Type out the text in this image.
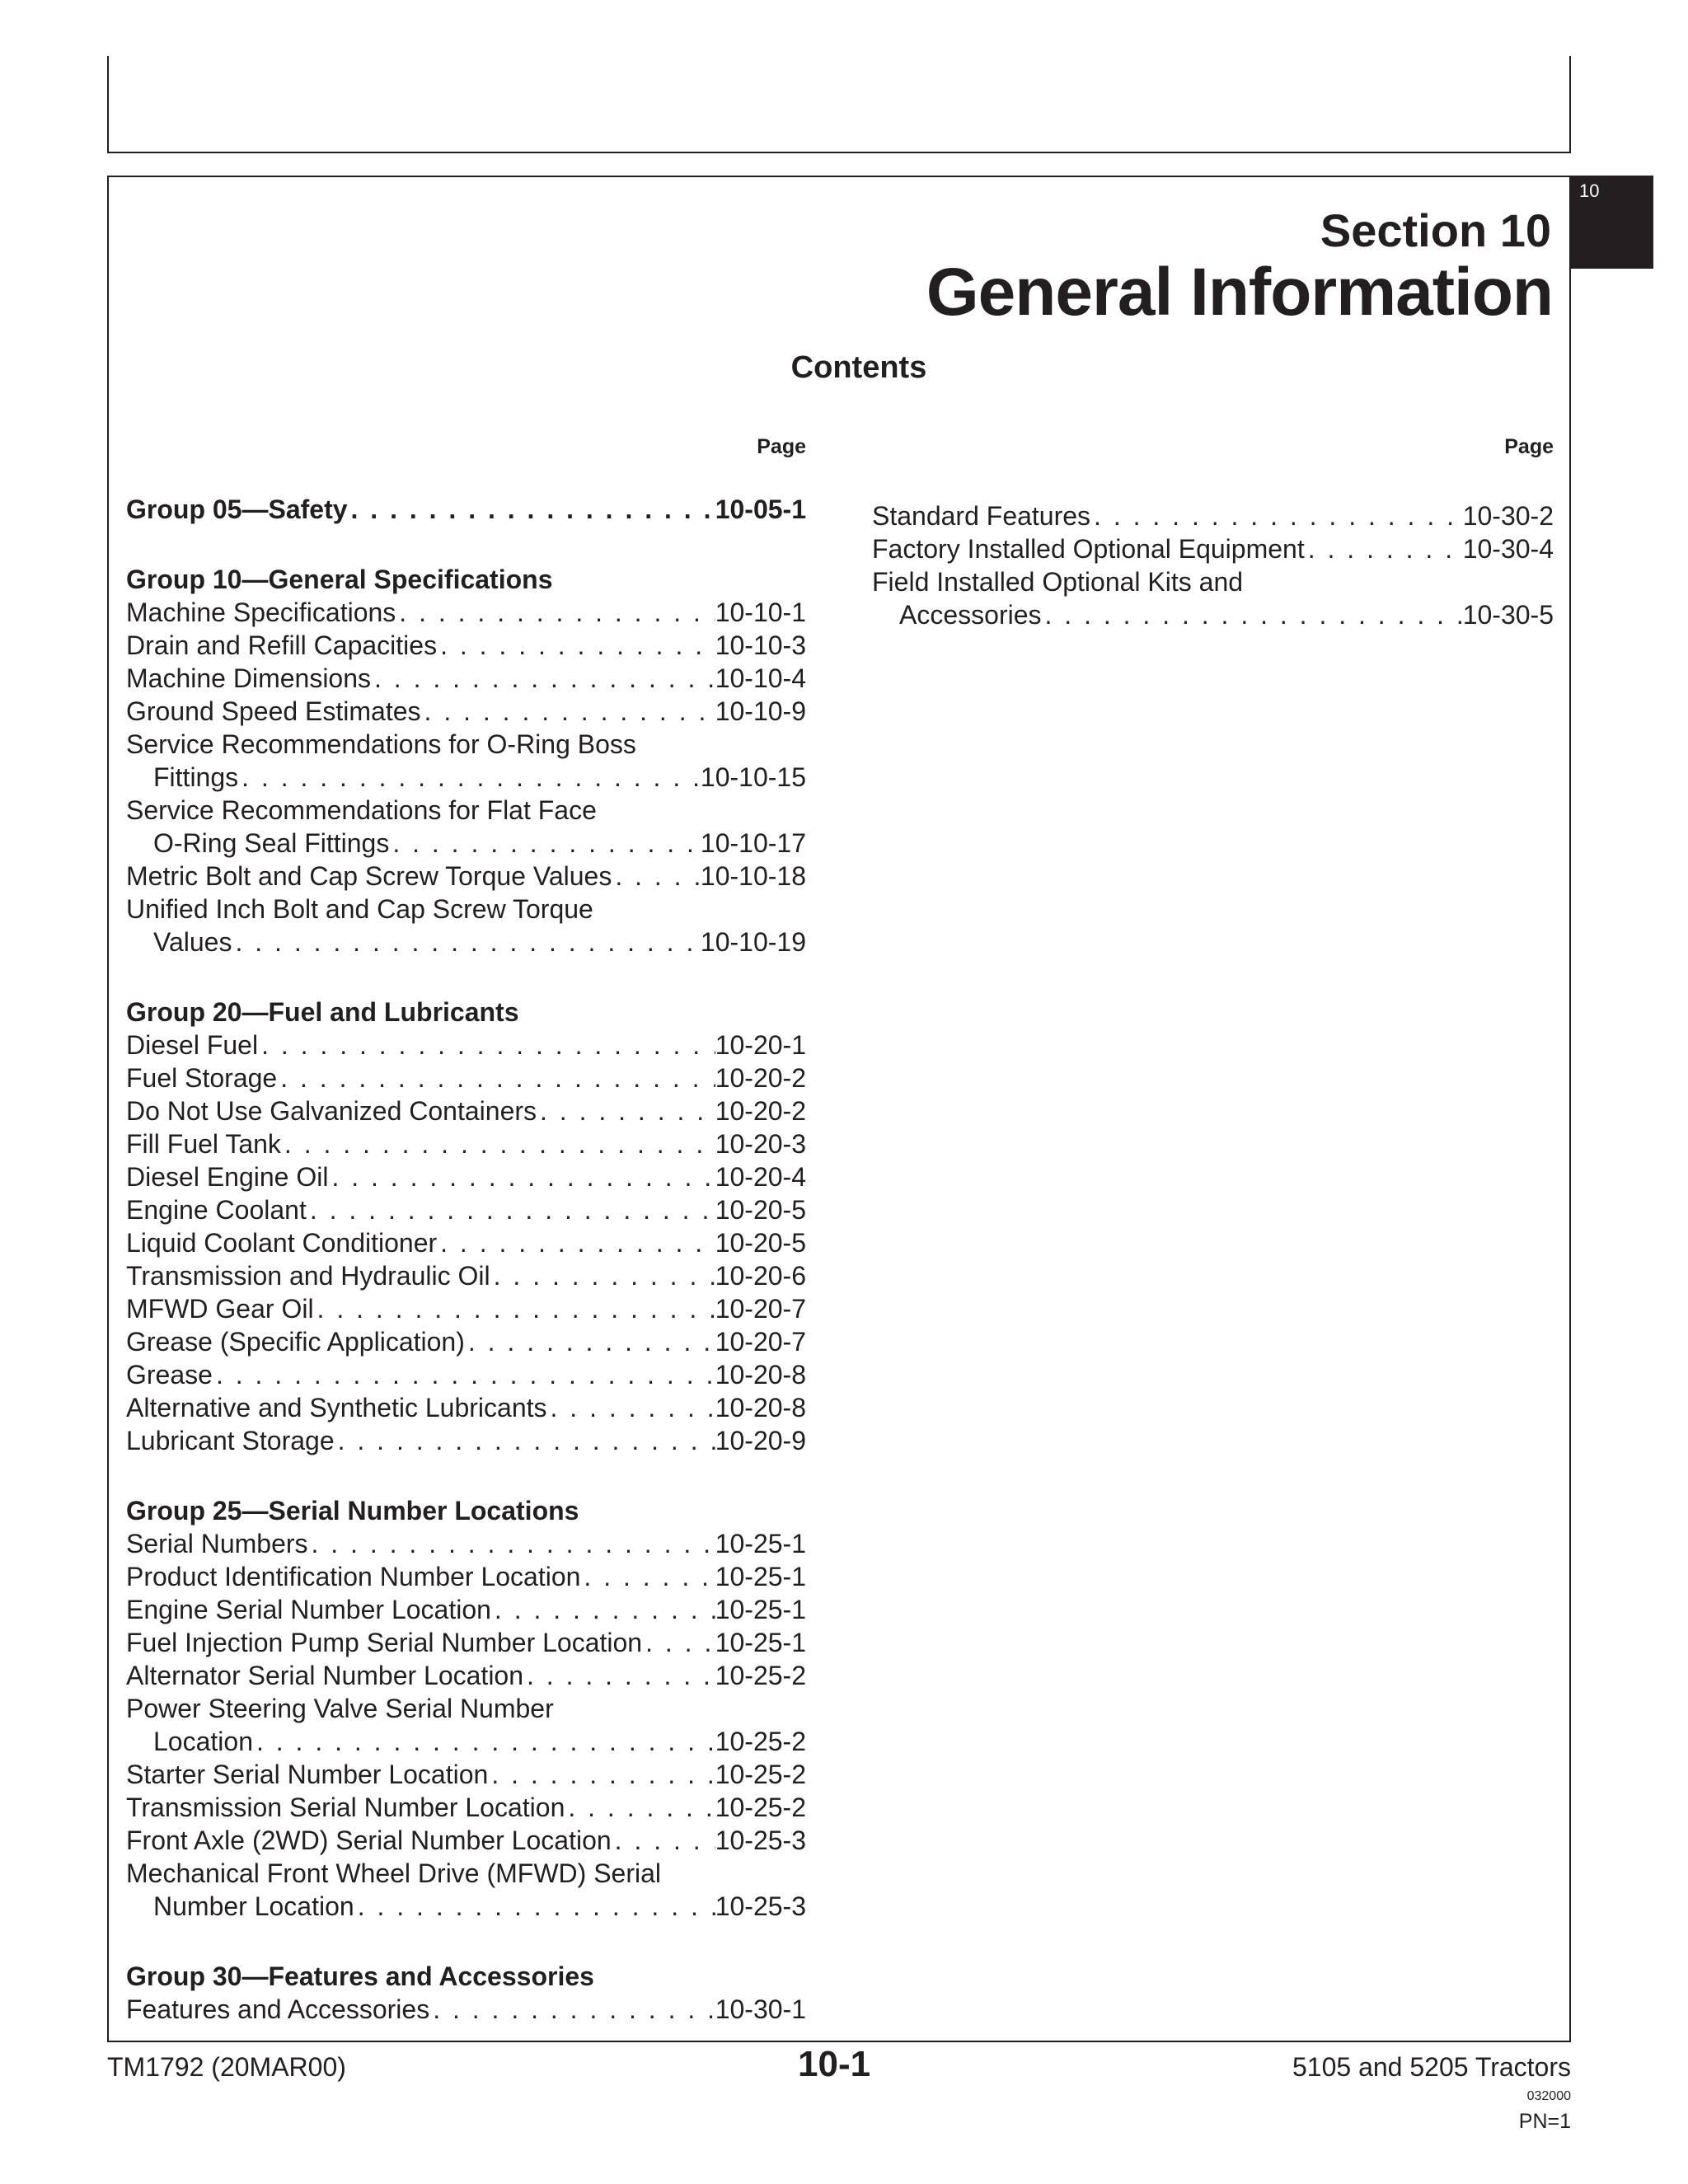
10
Section 10
General Information
Contents
Page
Group 05—Safety . . .	10-05-1
Group 10—General Specifications
Machine Specifications . . .	10-10-1
Drain and Refill Capacities . . .	10-10-3
Machine Dimensions . . .	10-10-4
Ground Speed Estimates . . .	10-10-9
Service Recommendations for O-Ring Boss
Fittings . . .	10-10-15
Service Recommendations for Flat Face
O-Ring Seal Fittings . . .	10-10-17
Metric Bolt and Cap Screw Torque Values . . .	10-10-18
Unified Inch Bolt and Cap Screw Torque
Values . . .	10-10-19
Group 20—Fuel and Lubricants
Diesel Fuel . . .	10-20-1
Fuel Storage . . .	10-20-2
Do Not Use Galvanized Containers . . .	10-20-2
Fill Fuel Tank . . .	10-20-3
Diesel Engine Oil . . .	10-20-4
Engine Coolant . . .	10-20-5
Liquid Coolant Conditioner . . .	10-20-5
Transmission and Hydraulic Oil . . .	10-20-6
MFWD Gear Oil . . .	10-20-7
Grease (Specific Application) . . .	10-20-7
Grease . . .	10-20-8
Alternative and Synthetic Lubricants . . .	10-20-8
Lubricant Storage . . .	10-20-9
Group 25—Serial Number Locations
Serial Numbers . . .	10-25-1
Product Identification Number Location . . .	10-25-1
Engine Serial Number Location . . .	10-25-1
Fuel Injection Pump Serial Number Location . . .	10-25-1
Alternator Serial Number Location . . .	10-25-2
Power Steering Valve Serial Number
Location . . .	10-25-2
Starter Serial Number Location . . .	10-25-2
Transmission Serial Number Location . . .	10-25-2
Front Axle (2WD) Serial Number Location . . .	10-25-3
Mechanical Front Wheel Drive (MFWD) Serial
Number Location . . .	10-25-3
Group 30—Features and Accessories
Features and Accessories . . .	10-30-1
Page
Standard Features . . .	10-30-2
Factory Installed Optional Equipment . . .	10-30-4
Field Installed Optional Kits and
Accessories . . .	10-30-5
TM1792 (20MAR00)	10-1	5105 and 5205 Tractors
032000
PN=1
